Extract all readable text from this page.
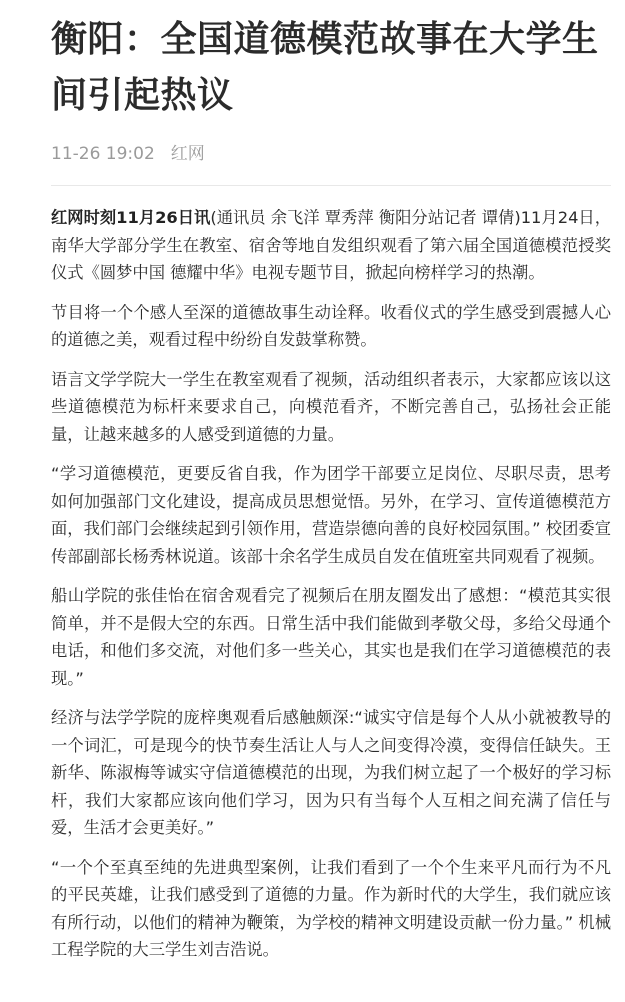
衡阳：全国道德模范故事在大学生间引起热议
11-26 19:02 红网

红网时刻11月26日讯(通讯员 余飞洋 覃秀萍 衡阳分站记者 谭倩)11月24日，南华大学部分学生在教室、宿舍等地自发组织观看了第六届全国道德模范授奖仪式《圆梦中国 德耀中华》电视专题节目，掀起向榜样学习的热潮。

节目将一个个感人至深的道德故事生动诠释。收看仪式的学生感受到震撼人心的道德之美，观看过程中纷纷自发鼓掌称赞。

语言文学学院大一学生在教室观看了视频，活动组织者表示，大家都应该以这些道德模范为标杆来要求自己，向模范看齐，不断完善自己，弘扬社会正能量，让越来越多的人感受到道德的力量。

“学习道德模范，更要反省自我，作为团学干部要立足岗位、尽职尽责，思考如何加强部门文化建设，提高成员思想觉悟。另外，在学习、宣传道德模范方面，我们部门会继续起到引领作用，营造崇德向善的良好校园氛围。” 校团委宣传部副部长杨秀林说道。该部十余名学生成员自发在值班室共同观看了视频。

船山学院的张佳怡在宿舍观看完了视频后在朋友圈发出了感想：“模范其实很简单，并不是假大空的东西。日常生活中我们能做到孝敬父母，多给父母通个电话，和他们多交流，对他们多一些关心，其实也是我们在学习道德模范的表现。”

经济与法学学院的庞梓奥观看后感触颇深:“诚实守信是每个人从小就被教导的一个词汇，可是现今的快节奏生活让人与人之间变得冷漠，变得信任缺失。王新华、陈淑梅等诚实守信道德模范的出现，为我们树立起了一个极好的学习标杆，我们大家都应该向他们学习，因为只有当每个人互相之间充满了信任与爱，生活才会更美好。”

“一个个至真至纯的先进典型案例，让我们看到了一个个生来平凡而行为不凡的平民英雄，让我们感受到了道德的力量。作为新时代的大学生，我们就应该有所行动，以他们的精神为鞭策，为学校的精神文明建设贡献一份力量。” 机械工程学院的大三学生刘吉浩说。
